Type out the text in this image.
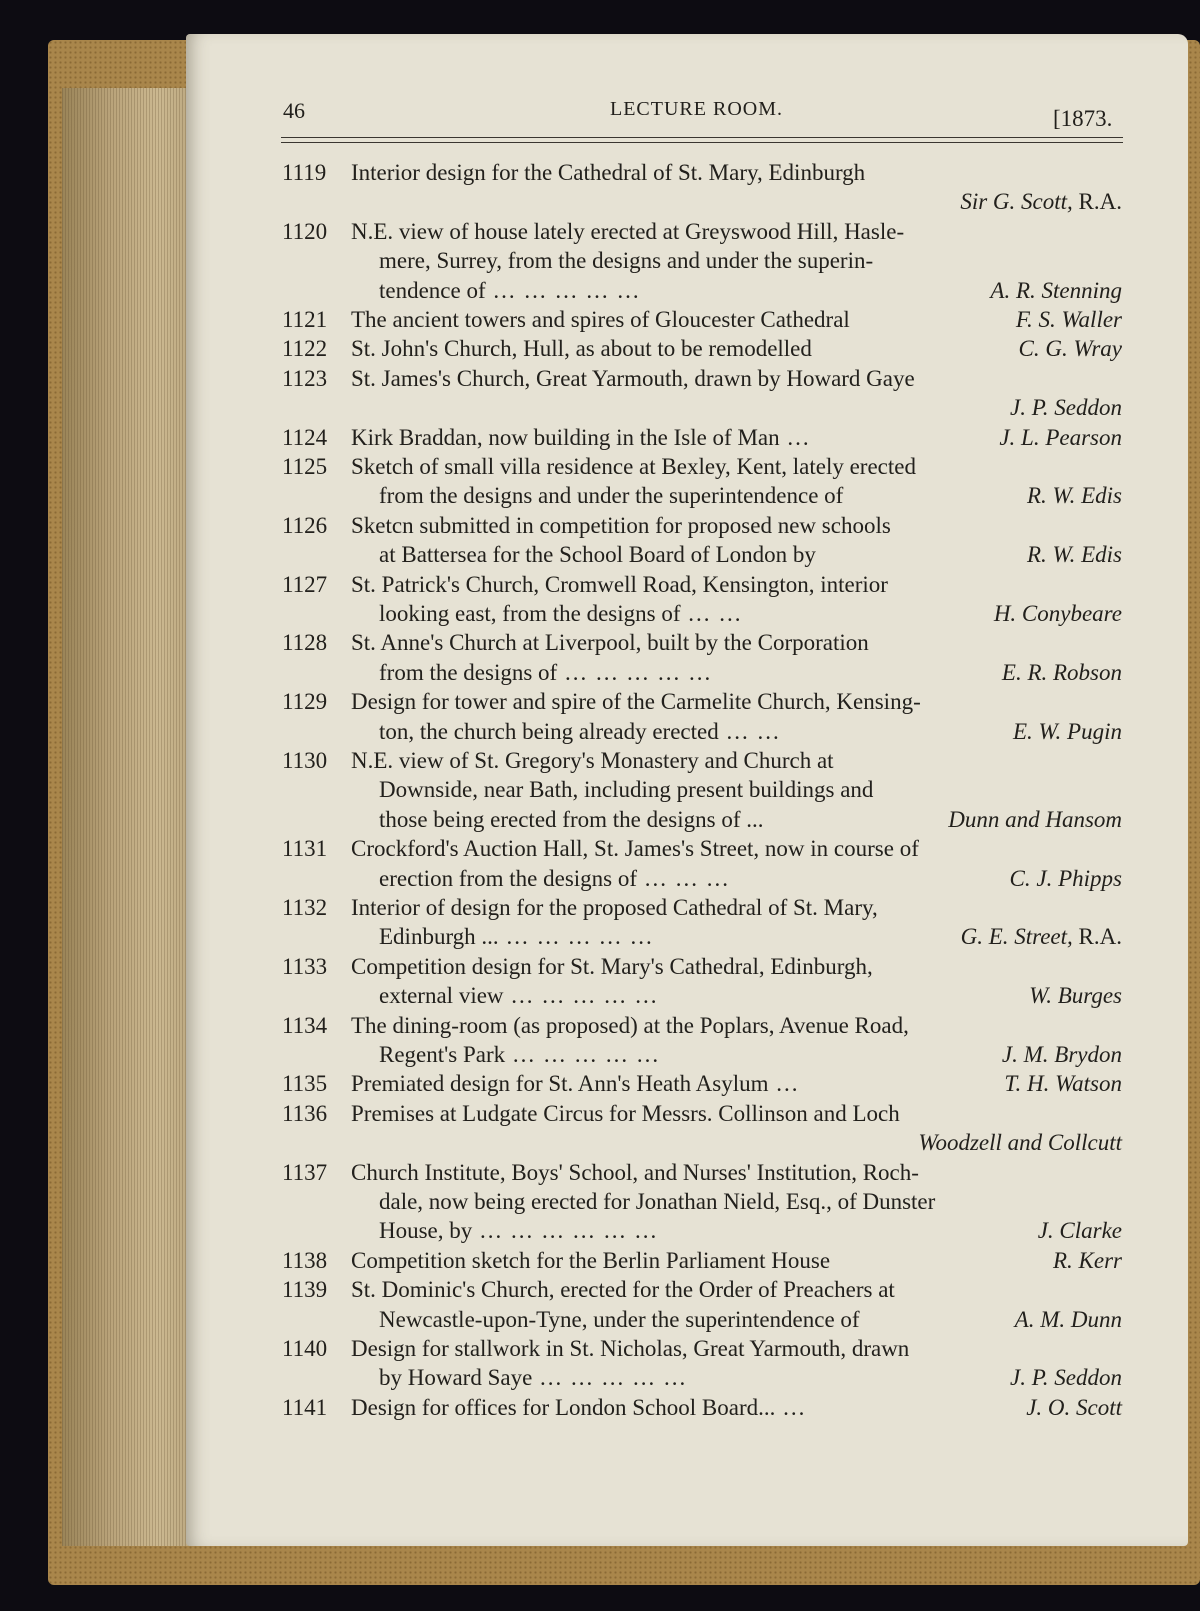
46	LECTURE ROOM.	[1873.
1119 Interior design for the Cathedral of St. Mary, Edinburgh
Sir G. Scott, R.A.
1120 N.E. view of house lately erected at Greyswood Hill, Hasle-
mere, Surrey, from the designs and under the superin-
tendence of ... ... ... ... ...	A. R. Stenning
1121 The ancient towers and spires of Gloucester Cathedral	F. S. Waller
1122 St. John's Church, Hull, as about to be remodelled	C. G. Wray
1123 St. James's Church, Great Yarmouth, drawn by Howard Gaye
J. P. Seddon
1124 Kirk Braddan, now building in the Isle of Man ...	J. L. Pearson
1125 Sketch of small villa residence at Bexley, Kent, lately erected
from the designs and under the superintendence of	R. W. Edis
1126 Sketcn submitted in competition for proposed new schools
at Battersea for the School Board of London by	R. W. Edis
1127 St. Patrick's Church, Cromwell Road, Kensington, interior
looking east, from the designs of ... ...	H. Conybeare
1128 St. Anne's Church at Liverpool, built by the Corporation
from the designs of ... ... ... ... ...	E. R. Robson
1129 Design for tower and spire of the Carmelite Church, Kensing-
ton, the church being already erected ... ...	E. W. Pugin
1130 N.E. view of St. Gregory's Monastery and Church at
Downside, near Bath, including present buildings and
those being erected from the designs of ...	Dunn and Hansom
1131 Crockford's Auction Hall, St. James's Street, now in course of
erection from the designs of ... ... ...	C. J. Phipps
1132 Interior of design for the proposed Cathedral of St. Mary,
Edinburgh ... ... ... ... ... ...	G. E. Street, R.A.
1133 Competition design for St. Mary's Cathedral, Edinburgh,
external view ... ... ... ... ...	W. Burges
1134 The dining-room (as proposed) at the Poplars, Avenue Road,
Regent's Park ... ... ... ... ...	J. M. Brydon
1135 Premiated design for St. Ann's Heath Asylum ...	T. H. Watson
1136 Premises at Ludgate Circus for Messrs. Collinson and Loch
Woodzell and Collcutt
1137 Church Institute, Boys' School, and Nurses' Institution, Roch-
dale, now being erected for Jonathan Nield, Esq., of Dunster
House, by ... ... ... ... ... ...	J. Clarke
1138 Competition sketch for the Berlin Parliament House	R. Kerr
1139 St. Dominic's Church, erected for the Order of Preachers at
Newcastle-upon-Tyne, under the superintendence of	A. M. Dunn
1140 Design for stallwork in St. Nicholas, Great Yarmouth, drawn
by Howard Saye ... ... ... ... ...	J. P. Seddon
1141 Design for offices for London School Board... ...	J. O. Scott
